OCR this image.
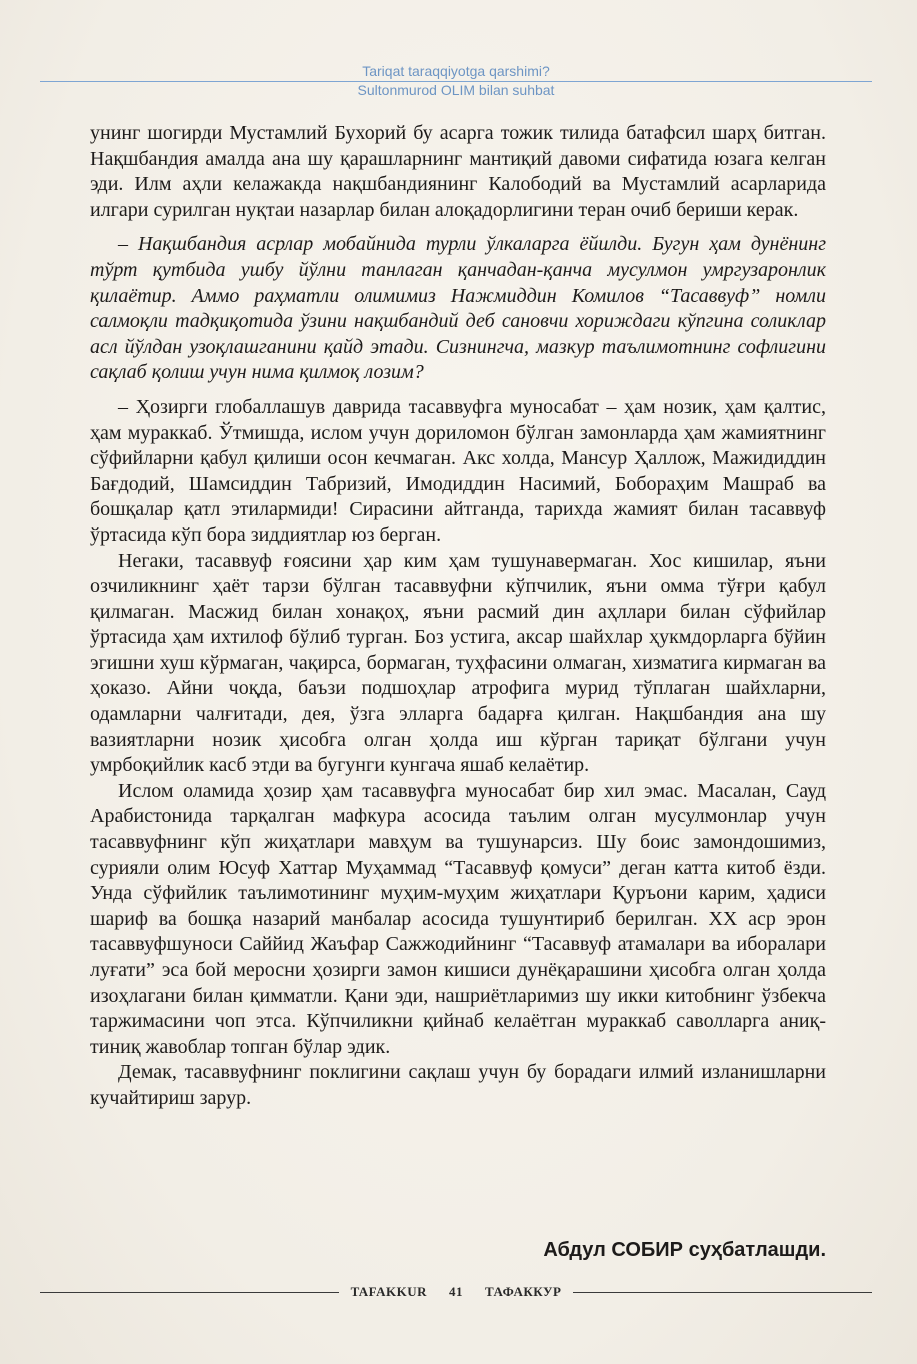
Tariqat taraqqiyotga qarshimi?
Sultonmurod OLIM bilan suhbat

унинг шогирди Мустамлий Бухорий бу асарга тожик тилида батафсил шарҳ битган. Нақшбандия амалда ана шу қарашларнинг мантиқий давоми сифатида юзага келган эди. Илм аҳли келажакда нақшбандиянинг Калободий ва Мустамлий асарларида илгари сурилган нуқтаи назарлар билан алоқадорлигини теран очиб бериши керак.

– Нақшбандия асрлар мобайнида турли ўлкаларга ёйилди. Бугун ҳам дунёнинг тўрт қутбида ушбу йўлни танлаган қанчадан-қанча мусулмон умргузаронлик қилаётир. Аммо раҳматли олимимиз Нажмиддин Комилов “Тасаввуф” номли салмоқли тадқиқотида ўзини нақшбандий деб сановчи хориждаги кўпгина соликлар асл йўлдан узоқлашганини қайд этади. Сизнингча, мазкур таълимотнинг софлигини сақлаб қолиш учун нима қилмоқ лозим?

– Ҳозирги глобаллашув даврида тасаввуфга муносабат – ҳам нозик, ҳам қалтис, ҳам мураккаб. Ўтмишда, ислом учун дориломон бўлган замонларда ҳам жамиятнинг сўфийларни қабул қилиши осон кечмаган. Акс холда, Мансур Ҳаллож, Мажидиддин Бағдодий, Шамсиддин Табризий, Имодиддин Насимий, Бобораҳим Машраб ва бошқалар қатл этилармиди! Сирасини айтганда, тарихда жамият билан тасаввуф ўртасида кўп бора зиддиятлар юз берган.

Негаки, тасаввуф ғоясини ҳар ким ҳам тушунавермаган. Хос кишилар, яъни озчиликнинг ҳаёт тарзи бўлган тасаввуфни кўпчилик, яъни омма тўғри қабул қилмаган. Масжид билан хонақоҳ, яъни расмий дин аҳллари билан сўфийлар ўртасида ҳам ихтилоф бўлиб турган. Боз устига, аксар шайхлар ҳукмдорларга бўйин эгишни хуш кўрмаган, чақирса, бормаган, туҳфасини олмаган, хизматига кирмаган ва ҳоказо. Айни чоқда, баъзи подшоҳлар атрофига мурид тўплаган шайхларни, одамларни чалғитади, дея, ўзга элларга бадарға қилган. Нақшбандия ана шу вазиятларни нозик ҳисобга олган ҳолда иш кўрган тариқат бўлгани учун умрбоқийлик касб этди ва бугунги кунгача яшаб келаётир.

Ислом оламида ҳозир ҳам тасаввуфга муносабат бир хил эмас. Масалан, Сауд Арабистонида тарқалган мафкура асосида таълим олган мусулмонлар учун тасаввуфнинг кўп жиҳатлари мавҳум ва тушунарсиз. Шу боис замондошимиз, сурияли олим Юсуф Хаттар Муҳаммад “Тасаввуф қомуси” деган катта китоб ёзди. Унда сўфийлик таълимотининг муҳим-муҳим жиҳатлари Қуръони карим, ҳадиси шариф ва бошқа назарий манбалар асосида тушунтириб берилган. XX аср эрон тасаввуфшуноси Саййид Жаъфар Сажжодийнинг “Тасаввуф атамалари ва иборалари луғати” эса бой меросни ҳозирги замон кишиси дунёқарашини ҳисобга олган ҳолда изоҳлагани билан қимматли. Қани эди, нашриётларимиз шу икки китобнинг ўзбекча таржимасини чоп этса. Кўпчиликни қийнаб келаётган мураккаб саволларга аниқ-тиниқ жавоблар топган бўлар эдик.

Демак, тасаввуфнинг поклигини сақлаш учун бу борадаги илмий изланишларни кучайтириш зарур.

Абдул СОБИР суҳбатлашди.
TAFAKKUR 41 ТАФАККУР
